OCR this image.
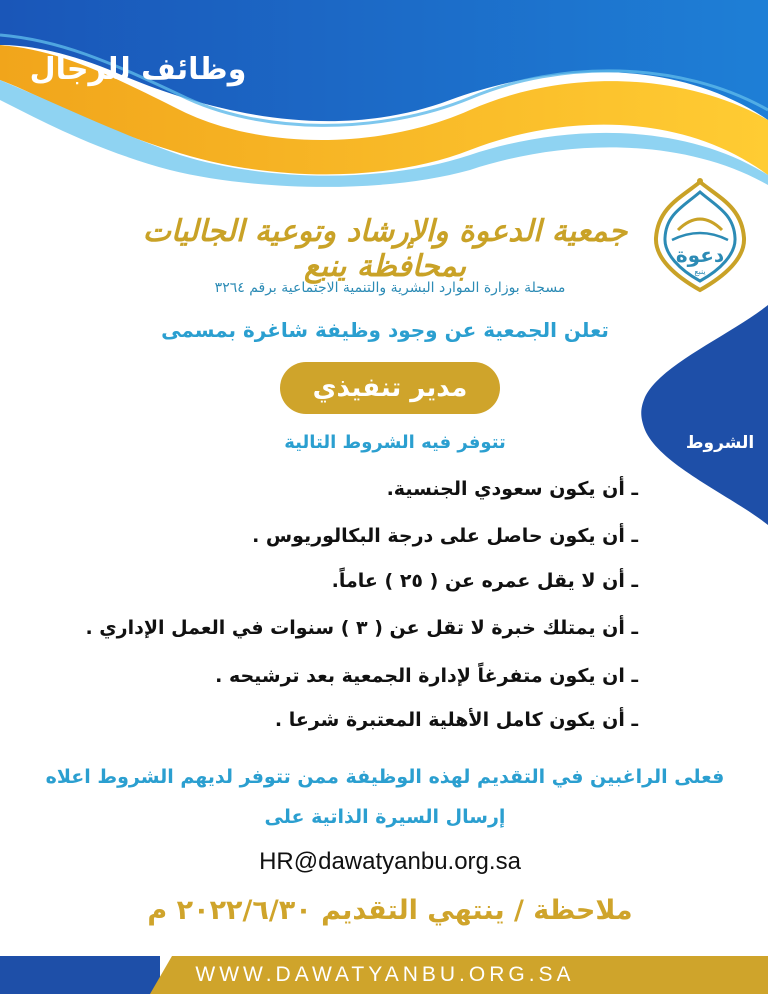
وظائف للرجال
دعوة
ينبع
جمعية الدعوة والإرشاد وتوعية الجاليات بمحافظة ينبع
مسجلة بوزارة الموارد البشرية والتنمية الاجتماعية برقم ٣٢٦٤
تعلن الجمعية عن وجود وظيفة شاغرة بمسمى
مدير تنفيذي
الشروط
تتوفر فيه الشروط التالية
ـ أن يكون سعودي الجنسية.
ـ أن يكون حاصل على درجة البكالوريوس .
ـ أن لا يقل عمره عن ( ٢٥ ) عاماً.
ـ أن يمتلك خبرة لا تقل عن ( ٣ ) سنوات في العمل الإداري .
ـ ان يكون متفرغاً لإدارة الجمعية بعد ترشيحه .
ـ أن يكون كامل الأهلية المعتبرة شرعا .
فعلى الراغبين في التقديم لهذه الوظيفة ممن تتوفر لديهم الشروط اعلاه
إرسال السيرة الذاتية على
HR@dawatyanbu.org.sa
ملاحظة / ينتهي التقديم ٢٠٢٢/٦/٣٠ م
WWW.DAWATYANBU.ORG.SA
